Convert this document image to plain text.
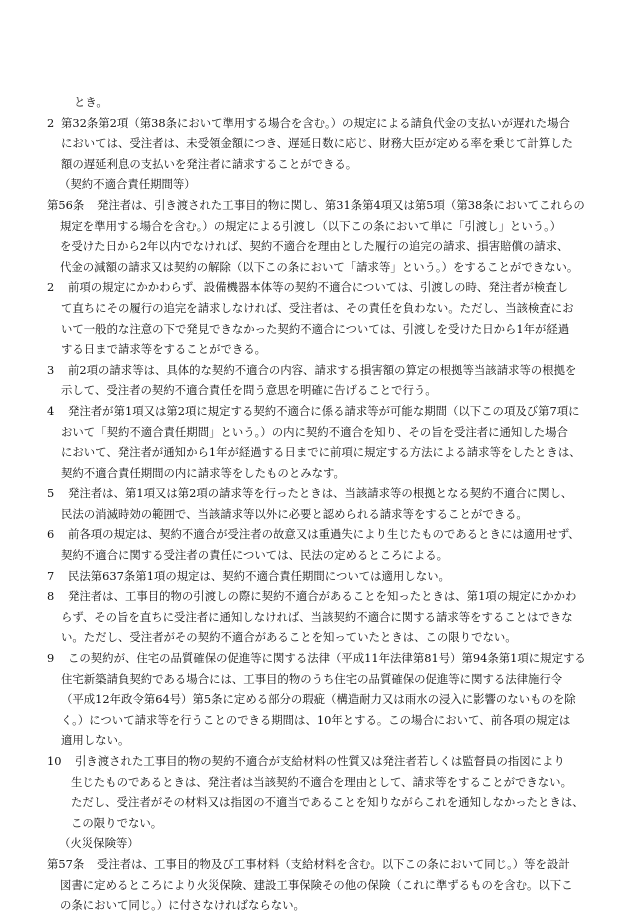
とき。
2 第32条第2項（第38条において準用する場合を含む。）の規定による請負代金の支払いが遅れた場合
においては、受注者は、未受領金額につき、遅延日数に応じ、財務大臣が定める率を乗じて計算した
額の遅延利息の支払いを発注者に請求することができる。
（契約不適合責任期間等）
第56条	発注者は、引き渡された工事目的物に関し、第31条第4項又は第5項（第38条においてこれらの
規定を準用する場合を含む。）の規定による引渡し（以下この条において単に「引渡し」という。）
を受けた日から2年以内でなければ、契約不適合を理由とした履行の追完の請求、損害賠償の請求、
代金の減額の請求又は契約の解除（以下この条において「請求等」という。）をすることができない。
2	前項の規定にかかわらず、設備機器本体等の契約不適合については、引渡しの時、発注者が検査し
て直ちにその履行の追完を請求しなければ、受注者は、その責任を負わない。ただし、当該検査にお
いて一般的な注意の下で発見できなかった契約不適合については、引渡しを受けた日から1年が経過
する日まで請求等をすることができる。
3	前2項の請求等は、具体的な契約不適合の内容、請求する損害額の算定の根拠等当該請求等の根拠を
示して、受注者の契約不適合責任を問う意思を明確に告げることで行う。
4	発注者が第1項又は第2項に規定する契約不適合に係る請求等が可能な期間（以下この項及び第7項に
おいて「契約不適合責任期間」という。）の内に契約不適合を知り、その旨を受注者に通知した場合
において、発注者が通知から1年が経過する日までに前項に規定する方法による請求等をしたときは、
契約不適合責任期間の内に請求等をしたものとみなす。
5	発注者は、第1項又は第2項の請求等を行ったときは、当該請求等の根拠となる契約不適合に関し、
民法の消滅時効の範囲で、当該請求等以外に必要と認められる請求等をすることができる。
6	前各項の規定は、契約不適合が受注者の故意又は重過失により生じたものであるときには適用せず、
契約不適合に関する受注者の責任については、民法の定めるところによる。
7	民法第637条第1項の規定は、契約不適合責任期間については適用しない。
8	発注者は、工事目的物の引渡しの際に契約不適合があることを知ったときは、第1項の規定にかかわ
らず、その旨を直ちに受注者に通知しなければ、当該契約不適合に関する請求等をすることはできな
い。ただし、受注者がその契約不適合があることを知っていたときは、この限りでない。
9	この契約が、住宅の品質確保の促進等に関する法律（平成11年法律第81号）第94条第1項に規定する
住宅新築請負契約である場合には、工事目的物のうち住宅の品質確保の促進等に関する法律施行令
（平成12年政令第64号）第5条に定める部分の瑕疵（構造耐力又は雨水の浸入に影響のないものを除
く。）について請求等を行うことのできる期間は、10年とする。この場合において、前各項の規定は
適用しない。
10	引き渡された工事目的物の契約不適合が支給材料の性質又は発注者若しくは監督員の指図により
生じたものであるときは、発注者は当該契約不適合を理由として、請求等をすることができない。
ただし、受注者がその材料又は指図の不適当であることを知りながらこれを通知しなかったときは、
この限りでない。
（火災保険等）
第57条	受注者は、工事目的物及び工事材料（支給材料を含む。以下この条において同じ。）等を設計
図書に定めるところにより火災保険、建設工事保険その他の保険（これに準ずるものを含む。以下こ
の条において同じ。）に付さなければならない。
